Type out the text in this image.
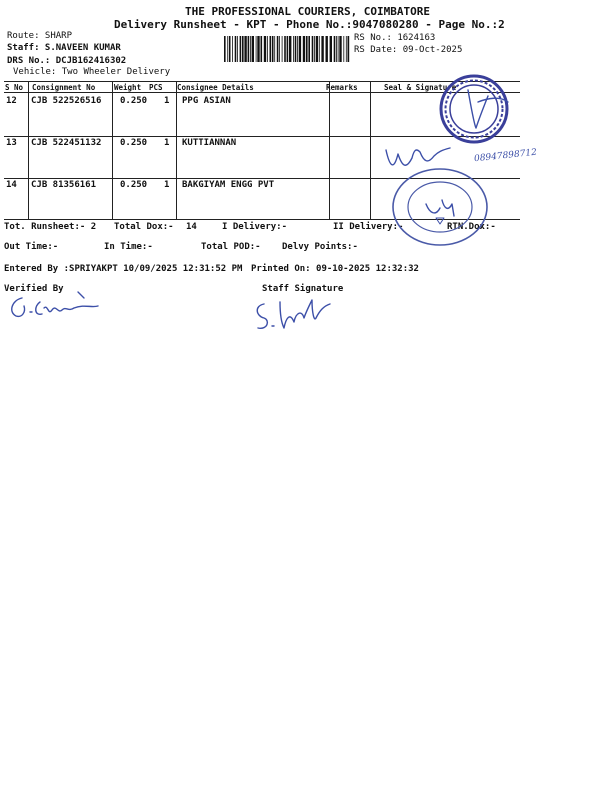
THE PROFESSIONAL COURIERS, COIMBATORE
Delivery Runsheet - KPT - Phone No.:9047080280 - Page No.:2
Route: SHARP
Staff: S.NAVEEN KUMAR
DRS No.: DCJB162416302
Vehicle: Two Wheeler Delivery
RS No.: 1624163
RS Date: 09-Oct-2025
S No Consignment No	Weight PCS Consignee Details	Remarks	Seal & Signature
12 CJB 522526516 0.250 1 PPG ASIAN
13 CJB 522451132 0.250 1 KUTTIANNAN
14 CJB 81356161	0.250 1 BAKGIYAM ENGG PVT
Tot. Runsheet:- 2 Total Dox:- 14	I Delivery:-	II Delivery:-	RTN.Dox:-
Out Time:-	In Time:-	Total POD:- Delvy Points:-
Entered By :SPRIYAKPT 10/09/2025 12:31:52 PM Printed On: 09-10-2025 12:32:32
Verified By	Staff Signature
08947898712
